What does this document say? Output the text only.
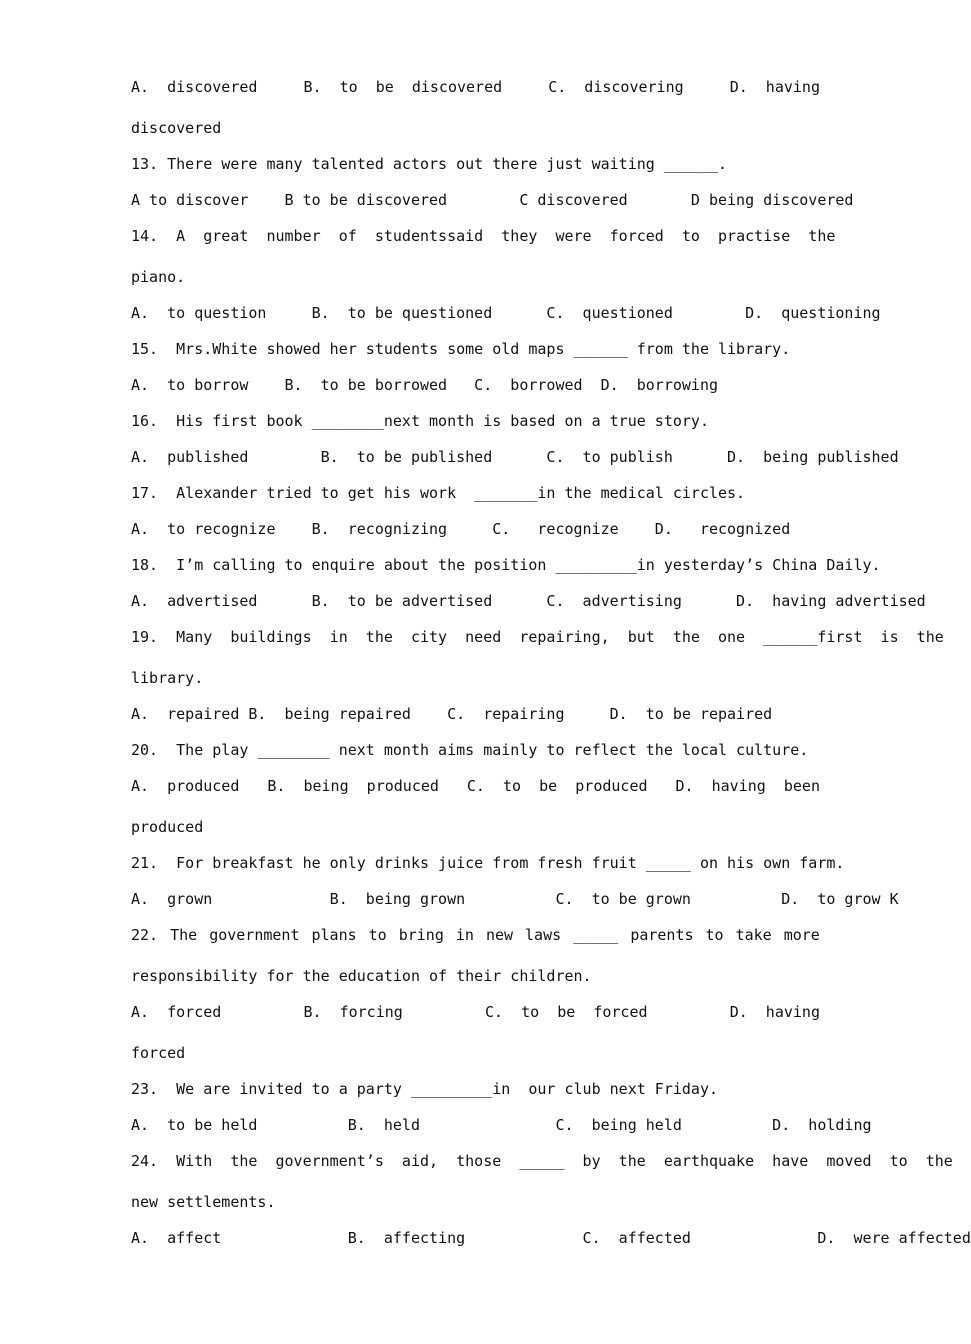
A.  discovered	B.  to  be  discovered	C.  discovering	D.  having
discovered
13. There were many talented actors out there just waiting ______.
A to discover    B to be discovered        C discovered       D being discovered
14.  A  great  number  of  students said  they  were  forced  to  practise  the
piano.
A.  to question     B.  to be questioned      C.  questioned        D.  questioning
15.  Mrs.White showed her students some old maps ______ from the library.
A.  to borrow    B.  to be borrowed   C.  borrowed  D.  borrowing
16.  His first book ________next month is based on a true story.
A.  published        B.  to be published      C.  to publish      D.  being published
17.  Alexander tried to get his work  _______in the medical circles.
A.  to recognize    B.  recognizing     C.   recognize    D.   recognized
18.  I’m calling to enquire about the position _________in yesterday’s China Daily.
A.  advertised      B.  to be advertised      C.  advertising      D.  having advertised
19.  Many  buildings  in  the  city  need  repairing,  but  the  one  ______first  is  the
library.
A.  repaired B.  being repaired    C.  repairing     D.  to be repaired
20.  The play ________ next month aims mainly to reflect the local culture.
A.  produced B.  being  produced C.  to  be  produced D.  having  been
produced
21.  For breakfast he only drinks juice from fresh fruit _____ on his own farm.
A.  grown             B.  being grown          C.  to be grown          D.  to grow K
22. The government plans to bring in new laws _____ parents to take more
responsibility for the education of their children.
A.  forced	B.  forcing	C.  to  be  forced	D.  having
forced
23.  We are invited to a party _________in  our club next Friday.
A.  to be held          B.  held               C.  being held          D.  holding
24.  With  the  government’s  aid,  those  _____  by  the  earthquake  have  moved  to  the
new settlements.
A.  affect              B.  affecting             C.  affected              D.  were affected
